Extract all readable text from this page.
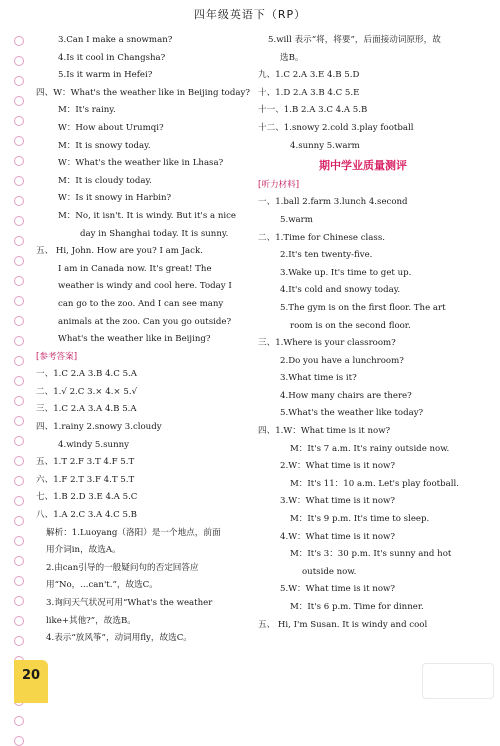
四年级英语下（RP）
3.Can I make a snowman?
4.Is it cool in Changsha?
5.Is it warm in Hefei?
四、W：What's the weather like in Beijing today?
M：It's rainy.
W：How about Urumqi?
M：It is snowy today.
W：What's the weather like in Lhasa?
M：It is cloudy today.
W：Is it snowy in Harbin?
M：No, it isn't. It is windy. But it's a nice
day in Shanghai today. It is sunny.
五、 Hi, John. How are you? I am Jack.
I am in Canada now. It's great! The
weather is windy and cool here. Today I
can go to the zoo. And I can see many
animals at the zoo. Can you go outside?
What's the weather like in Beijing?
[参考答案]
一、1.C 2.A 3.B 4.C 5.A
二、1.√ 2.C 3.× 4.× 5.√
三、1.C 2.A 3.A 4.B 5.A
四、1.rainy 2.snowy 3.cloudy
4.windy 5.sunny
五、1.T 2.F 3.T 4.F 5.T
六、1.F 2.T 3.F 4.T 5.T
七、1.B 2.D 3.E 4.A 5.C
八、1.A 2.C 3.A 4.C 5.B
解析：1.Luoyang（洛阳）是一个地点，前面
用介词in，故选A。
2.由can引导的一般疑问句的否定回答应
用“No，...can't.”，故选C。
3.询问天气状况可用“What's the weather
like+其他?”，故选B。
4.表示“放风筝”，动词用fly，故选C。
5.will 表示“将，将要”，后面接动词原形，故
选B。
九、1.C 2.A 3.E 4.B 5.D
十、1.D 2.A 3.B 4.C 5.E
十一、1.B 2.A 3.C 4.A 5.B
十二、1.snowy 2.cold 3.play football
4.sunny 5.warm
期中学业质量测评
[听力材料]
一、1.ball 2.farm 3.lunch 4.second
5.warm
二、1.Time for Chinese class.
2.It's ten twenty-five.
3.Wake up. It's time to get up.
4.It's cold and snowy today.
5.The gym is on the first floor. The art
room is on the second floor.
三、1.Where is your classroom?
2.Do you have a lunchroom?
3.What time is it?
4.How many chairs are there?
5.What's the weather like today?
四、1.W：What time is it now?
M：It's 7 a.m. It's rainy outside now.
2.W：What time is it now?
M：It's 11：10 a.m. Let's play football.
3.W：What time is it now?
M：It's 9 p.m. It's time to sleep.
4.W：What time is it now?
M：It's 3：30 p.m. It's sunny and hot
outside now.
5.W：What time is it now?
M：It's 6 p.m. Time for dinner.
五、 Hi, I'm Susan. It is windy and cool
20
